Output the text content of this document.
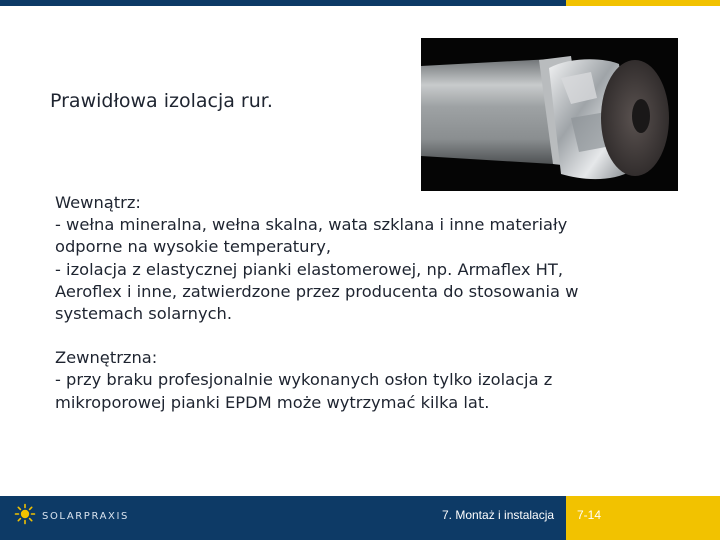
Prawidłowa izolacja rur.
Wewnątrz:
- wełna mineralna, wełna skalna, wata szklana i inne materiały
odporne na wysokie temperatury,
- izolacja z elastycznej pianki elastomerowej, np. Armaflex HT,
Aeroflex i inne, zatwierdzone przez producenta do stosowania w
systemach solarnych.
Zewnętrzna:
- przy braku profesjonalnie wykonanych osłon tylko izolacja z
mikroporowej pianki EPDM może wytrzymać kilka lat.
SOLARPRAXIS	7. Montaż i instalacja 7-14
